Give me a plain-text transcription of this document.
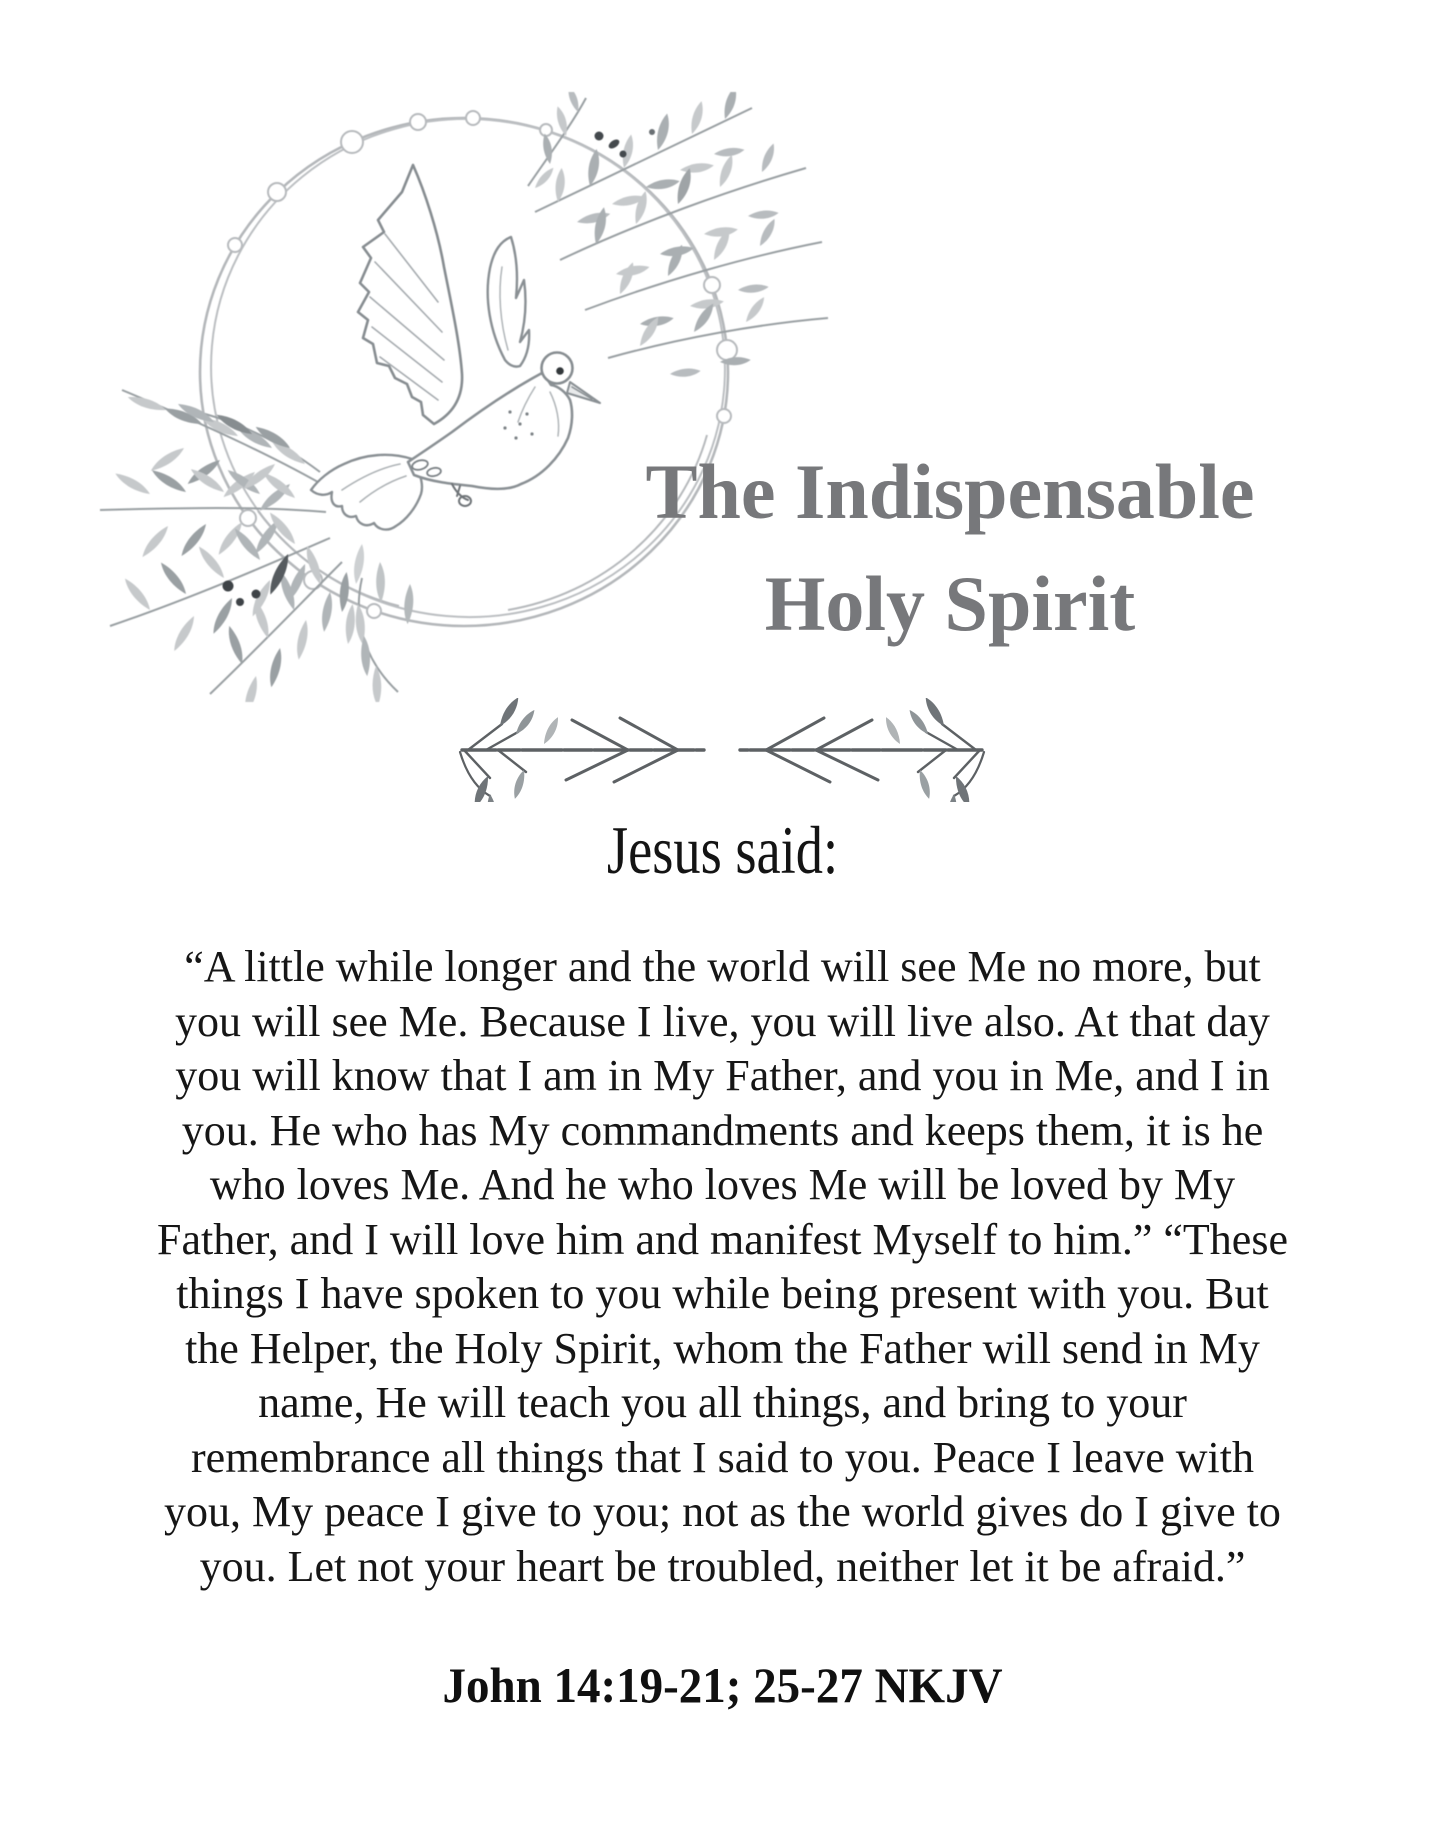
The Indispensable
Holy Spirit
Jesus said:
“A little while longer and the world will see Me no more, but
you will see Me. Because I live, you will live also. At that day
you will know that I am in My Father, and you in Me, and I in
you. He who has My commandments and keeps them, it is he
who loves Me. And he who loves Me will be loved by My
Father, and I will love him and manifest Myself to him.” “These
things I have spoken to you while being present with you. But
the Helper, the Holy Spirit, whom the Father will send in My
name, He will teach you all things, and bring to your
remembrance all things that I said to you. Peace I leave with
you, My peace I give to you; not as the world gives do I give to
you. Let not your heart be troubled, neither let it be afraid.”
John 14:19-21; 25-27 NKJV
